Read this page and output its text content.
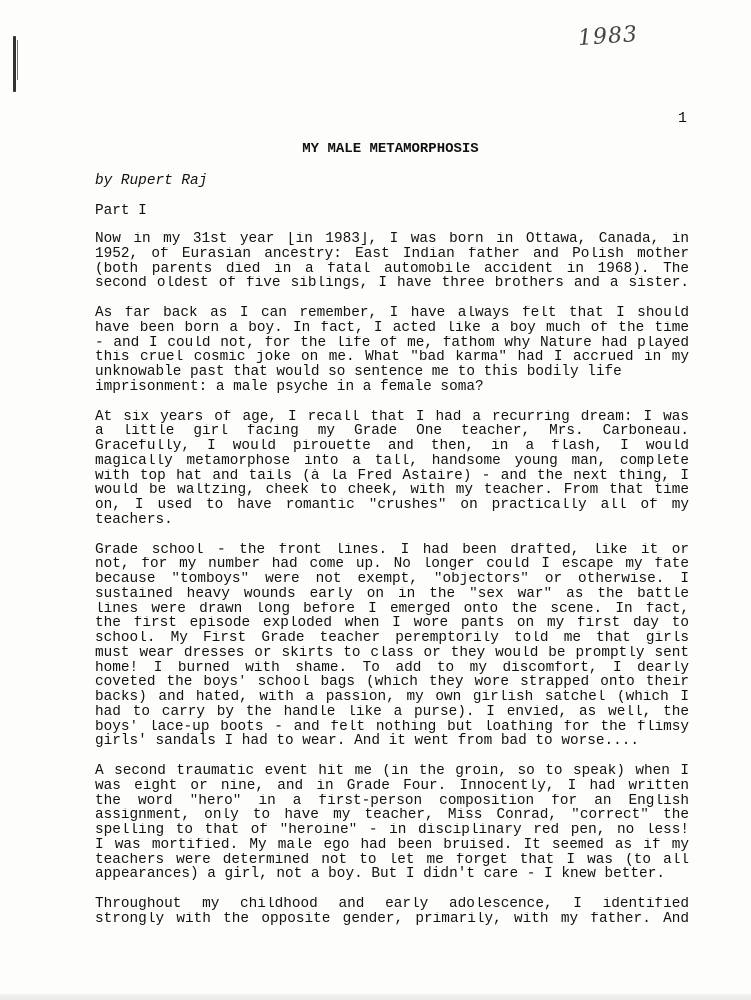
1983
1
MY MALE METAMORPHOSIS
by Rupert Raj
Part I
Now in my 31st year [in 1983], I was born in Ottawa, Canada, in
1952, of Eurasian ancestry: East Indian father and Polish mother
(both parents died in a fatal automobile accident in 1968). The
second oldest of five siblings, I have three brothers and a sister.
As far back as I can remember, I have always felt that I should
have been born a boy. In fact, I acted like a boy much of the time
- and I could not, for the life of me, fathom why Nature had played
this cruel cosmic joke on me. What "bad karma" had I accrued in my
unknowable past that would so sentence me to this bodily life
imprisonment: a male psyche in a female soma?
At six years of age, I recall that I had a recurring dream: I was
a little girl facing my Grade One teacher, Mrs. Carboneau.
Gracefully, I would pirouette and then, in a flash, I would
magically metamorphose into a tall, handsome young man, complete
with top hat and tails (à la Fred Astaire) - and the next thing, I
would be waltzing, cheek to cheek, with my teacher. From that time
on, I used to have romantic "crushes" on practically all of my
teachers.
Grade school - the front lines. I had been drafted, like it or
not, for my number had come up. No longer could I escape my fate
because "tomboys" were not exempt, "objectors" or otherwise. I
sustained heavy wounds early on in the "sex war" as the battle
lines were drawn long before I emerged onto the scene. In fact,
the first episode exploded when I wore pants on my first day to
school. My First Grade teacher peremptorily told me that girls
must wear dresses or skirts to class or they would be promptly sent
home! I burned with shame. To add to my discomfort, I dearly
coveted the boys' school bags (which they wore strapped onto their
backs) and hated, with a passion, my own girlish satchel (which I
had to carry by the handle like a purse). I envied, as well, the
boys' lace-up boots - and felt nothing but loathing for the flimsy
girls' sandals I had to wear. And it went from bad to worse....
A second traumatic event hit me (in the groin, so to speak) when I
was eight or nine, and in Grade Four. Innocently, I had written
the word "hero" in a first-person composition for an English
assignment, only to have my teacher, Miss Conrad, "correct" the
spelling to that of "heroine" - in disciplinary red pen, no less!
I was mortified. My male ego had been bruised. It seemed as if my
teachers were determined not to let me forget that I was (to all
appearances) a girl, not a boy. But I didn't care - I knew better.
Throughout my childhood and early adolescence, I identified
strongly with the opposite gender, primarily, with my father. And
